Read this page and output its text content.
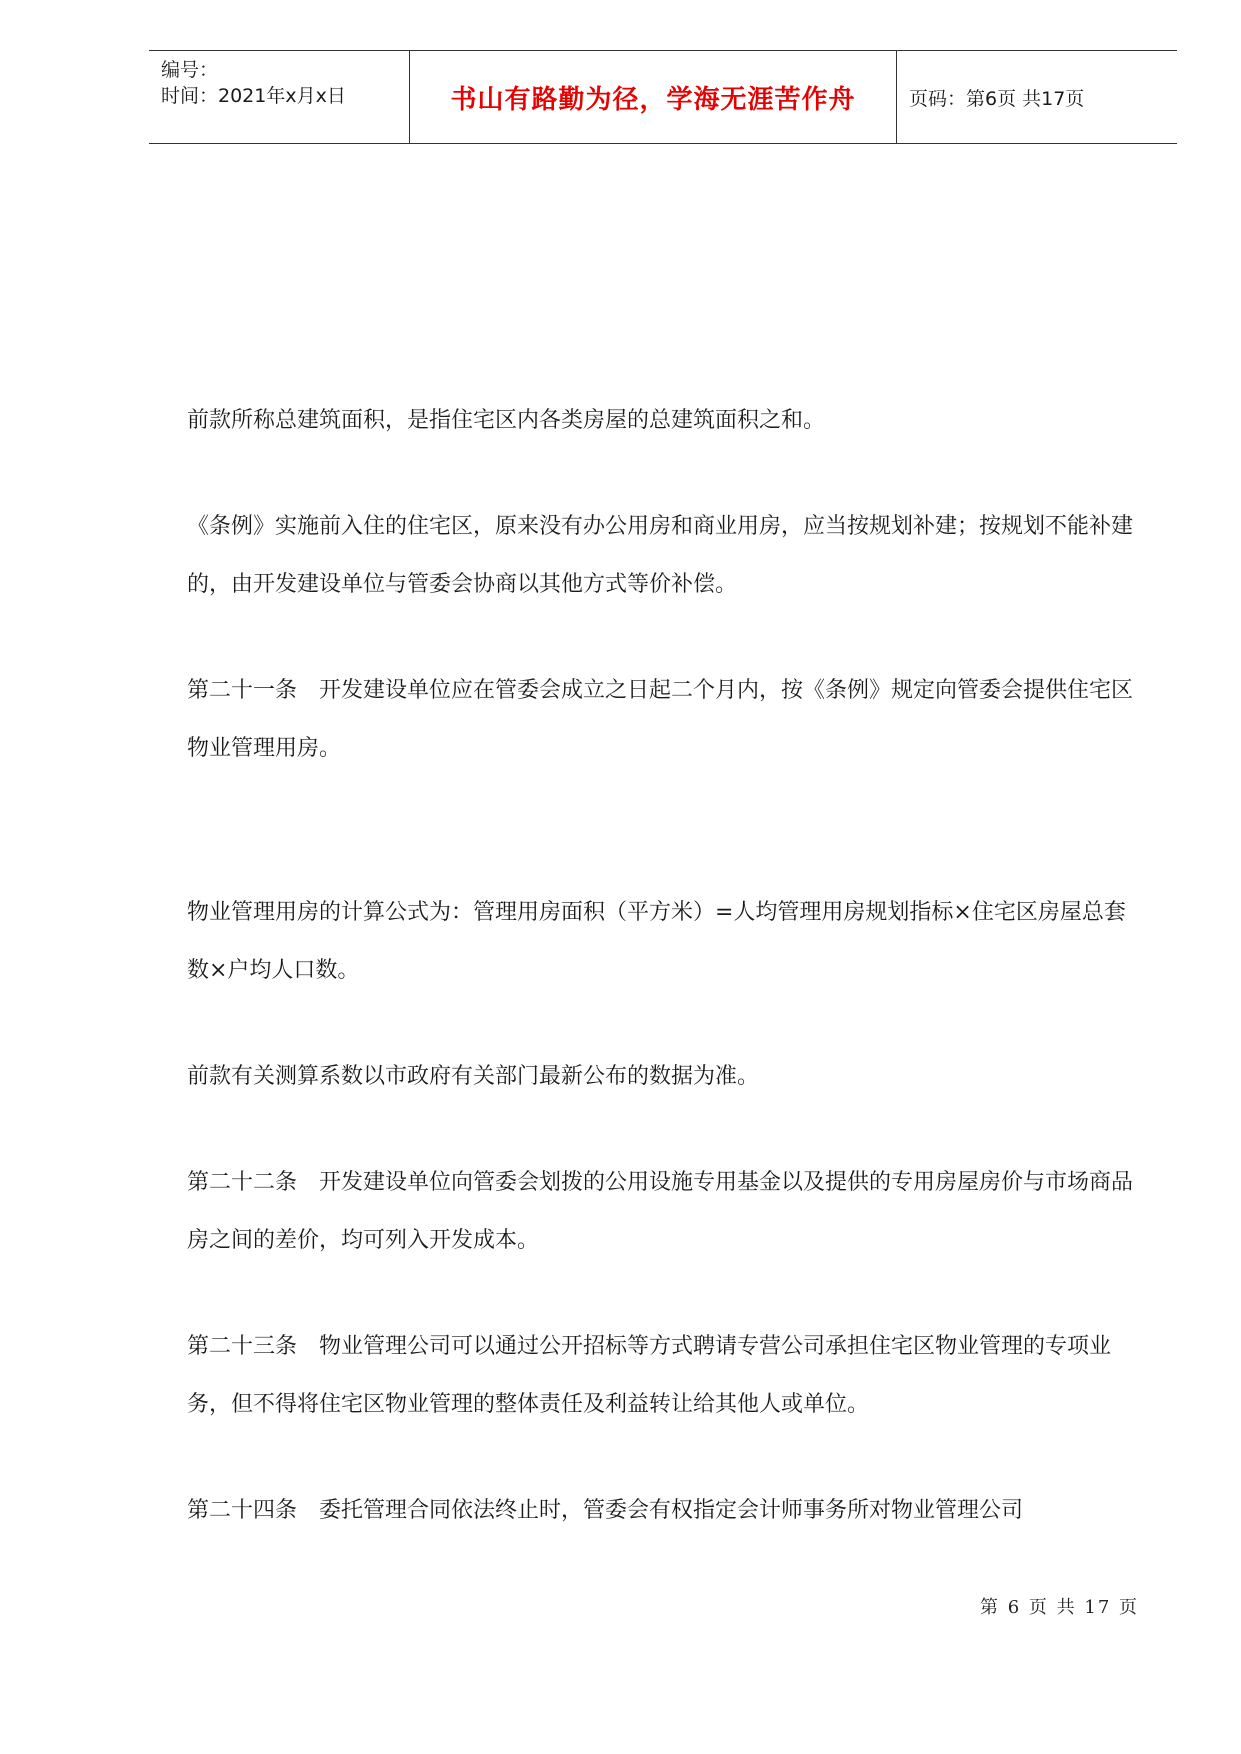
编号：
时间：2021年x月x日	书山有路勤为径，学海无涯苦作舟	页码：第6页 共17页

前款所称总建筑面积，是指住宅区内各类房屋的总建筑面积之和。

《条例》实施前入住的住宅区，原来没有办公用房和商业用房，应当按规划补建；按规划不能补建的，由开发建设单位与管委会协商以其他方式等价补偿。

第二十一条　开发建设单位应在管委会成立之日起二个月内，按《条例》规定向管委会提供住宅区物业管理用房。

物业管理用房的计算公式为：管理用房面积（平方米）=人均管理用房规划指标×住宅区房屋总套数×户均人口数。

前款有关测算系数以市政府有关部门最新公布的数据为准。

第二十二条　开发建设单位向管委会划拨的公用设施专用基金以及提供的专用房屋房价与市场商品房之间的差价，均可列入开发成本。

第二十三条　物业管理公司可以通过公开招标等方式聘请专营公司承担住宅区物业管理的专项业务，但不得将住宅区物业管理的整体责任及利益转让给其他人或单位。

第二十四条　委托管理合同依法终止时，管委会有权指定会计师事务所对物业管理公司

第 6 页 共 17 页
